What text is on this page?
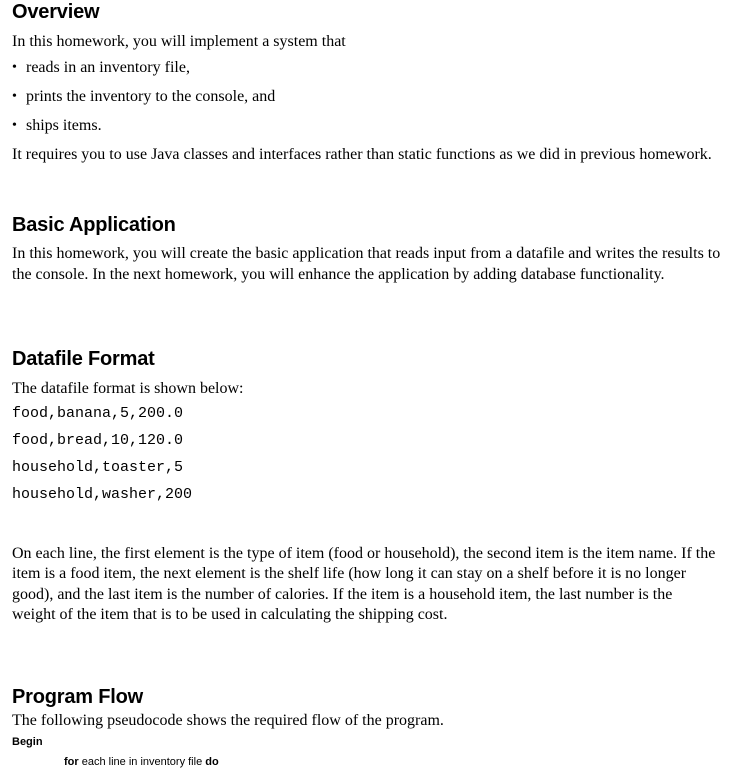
Overview

In this homework, you will implement a system that

• reads in an inventory file,
• prints the inventory to the console, and
• ships items.

It requires you to use Java classes and interfaces rather than static functions as we did in previous homework.

Basic Application

In this homework, you will create the basic application that reads input from a datafile and writes the results to the console. In the next homework, you will enhance the application by adding database functionality.

Datafile Format

The datafile format is shown below:

food,banana,5,200.0
food,bread,10,120.0
household,toaster,5
household,washer,200

On each line, the first element is the type of item (food or household), the second item is the item name. If the item is a food item, the next element is the shelf life (how long it can stay on a shelf before it is no longer good), and the last item is the number of calories. If the item is a household item, the last number is the weight of the item that is to be used in calculating the shipping cost.

Program Flow

The following pseudocode shows the required flow of the program.

Begin
for each line in inventory file do
